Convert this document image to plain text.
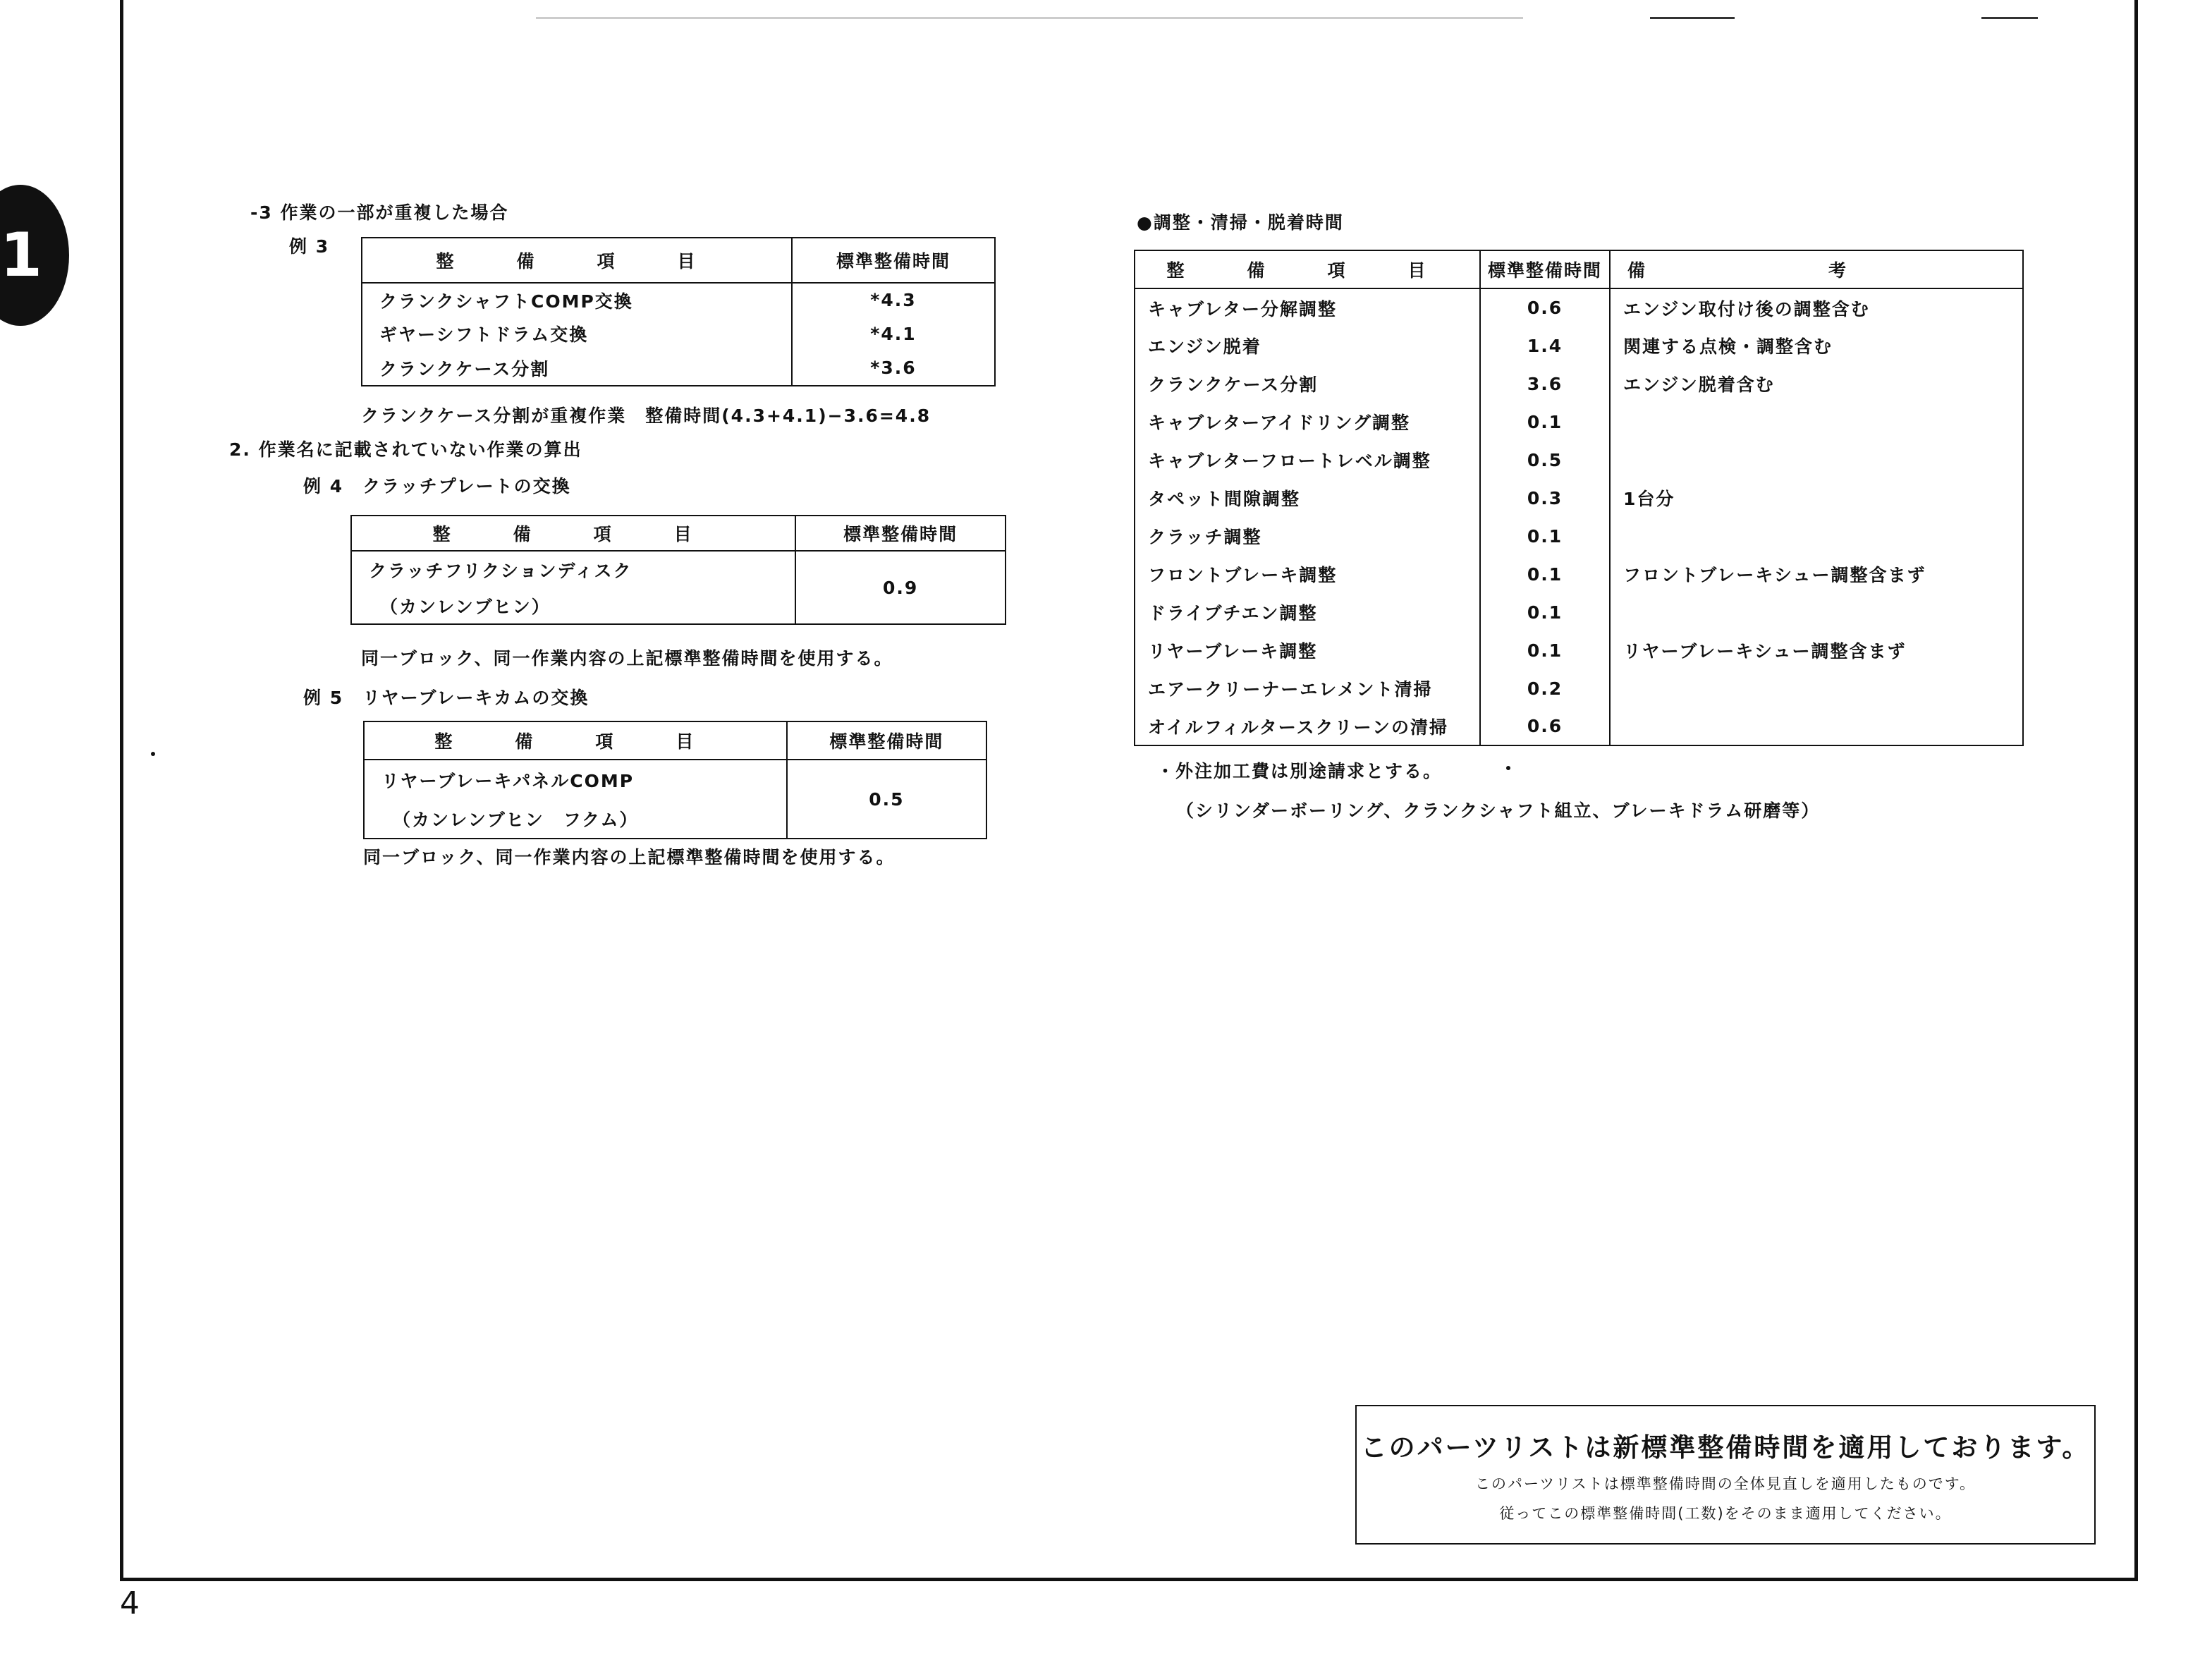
1
4
-3 作業の一部が重複した場合
例 3
整　備　項　目	標準整備時間
クランクシャフトCOMP交換	*4.3
ギヤーシフトドラム交換	*4.1
クランクケース分割	*3.6
クランクケース分割が重複作業　整備時間(4.3+4.1)−3.6=4.8
2. 作業名に記載されていない作業の算出
例 4　クラッチプレートの交換
整　備　項　目	標準整備時間
クラッチフリクションディスク	0.9
（カンレンブヒン）	
同一ブロック、同一作業内容の上記標準整備時間を使用する。
例 5　リヤーブレーキカムの交換
整　備　項　目	標準整備時間
リヤーブレーキパネルCOMP	0.5
（カンレンブヒン　フクム）	
同一ブロック、同一作業内容の上記標準整備時間を使用する。
●調整・清掃・脱着時間
整　備　項　目	標準整備時間	備　　　　考
キャブレター分解調整	0.6	エンジン取付け後の調整含む
エンジン脱着	1.4	関連する点検・調整含む
クランクケース分割	3.6	エンジン脱着含む
キャブレターアイドリング調整	0.1	
キャブレターフロートレベル調整	0.5	
タペット間隙調整	0.3	1台分
クラッチ調整	0.1	
フロントブレーキ調整	0.1	フロントブレーキシュー調整含まず
ドライブチエン調整	0.1	
リヤーブレーキ調整	0.1	リヤーブレーキシュー調整含まず
エアークリーナーエレメント清掃	0.2	
オイルフィルタースクリーンの清掃	0.6	
・外注加工費は別途請求とする。
（シリンダーボーリング、クランクシャフト組立、ブレーキドラム研磨等）
このパーツリストは新標準整備時間を適用しております。
このパーツリストは標準整備時間の全体見直しを適用したものです。
従ってこの標準整備時間(工数)をそのまま適用してください。
